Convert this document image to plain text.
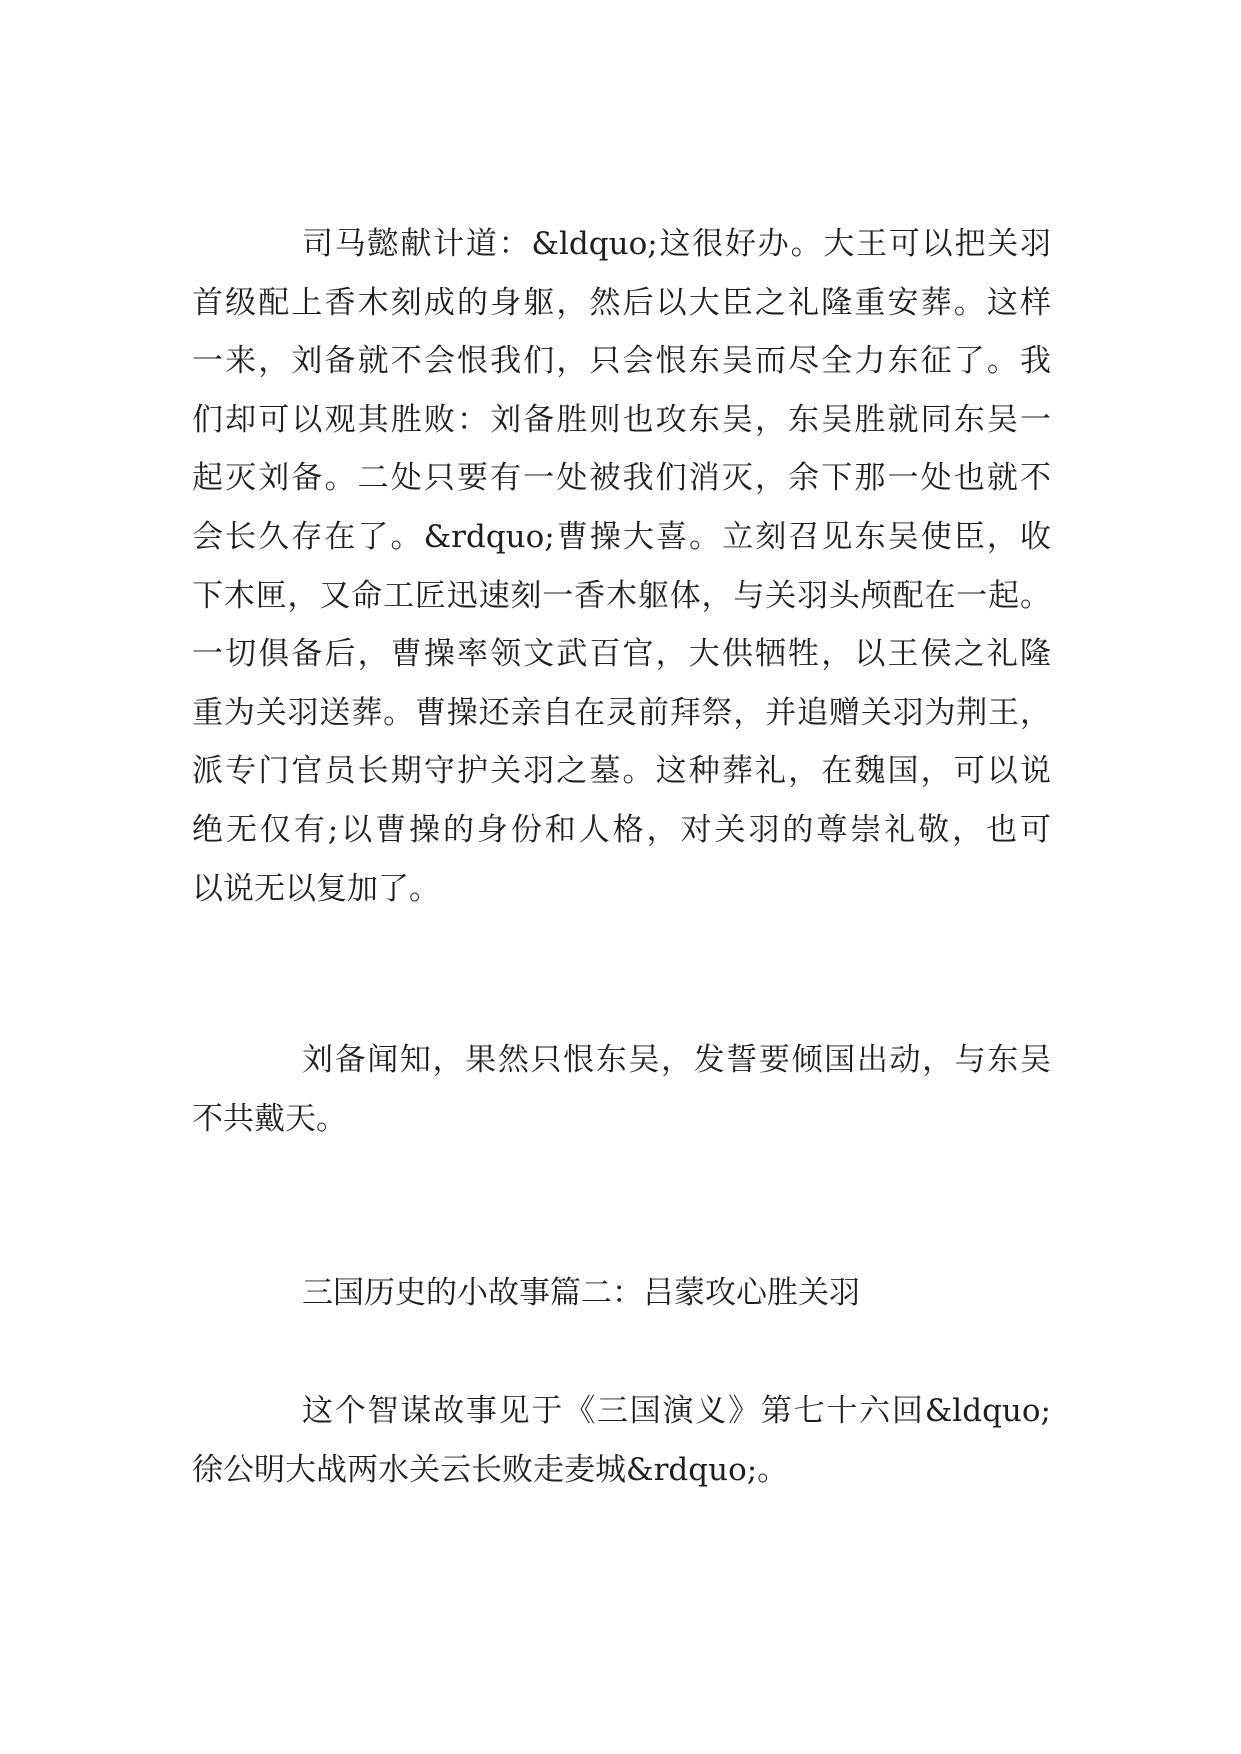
司马懿献计道：&ldquo;这很好办。大王可以把关羽
首级配上香木刻成的身躯，然后以大臣之礼隆重安葬。这样
一来，刘备就不会恨我们，只会恨东吴而尽全力东征了。我
们却可以观其胜败：刘备胜则也攻东吴，东吴胜就同东吴一
起灭刘备。二处只要有一处被我们消灭，余下那一处也就不
会长久存在了。&rdquo;曹操大喜。立刻召见东吴使臣，收
下木匣，又命工匠迅速刻一香木躯体，与关羽头颅配在一起。
一切俱备后，曹操率领文武百官，大供牺牲，以王侯之礼隆
重为关羽送葬。曹操还亲自在灵前拜祭，并追赠关羽为荆王，
派专门官员长期守护关羽之墓。这种葬礼，在魏国，可以说
绝无仅有;以曹操的身份和人格，对关羽的尊崇礼敬，也可
以说无以复加了。
刘备闻知，果然只恨东吴，发誓要倾国出动，与东吴
不共戴天。
三国历史的小故事篇二：吕蒙攻心胜关羽
这个智谋故事见于《三国演义》第七十六回&ldquo;
徐公明大战两水关云长败走麦城&rdquo;。
